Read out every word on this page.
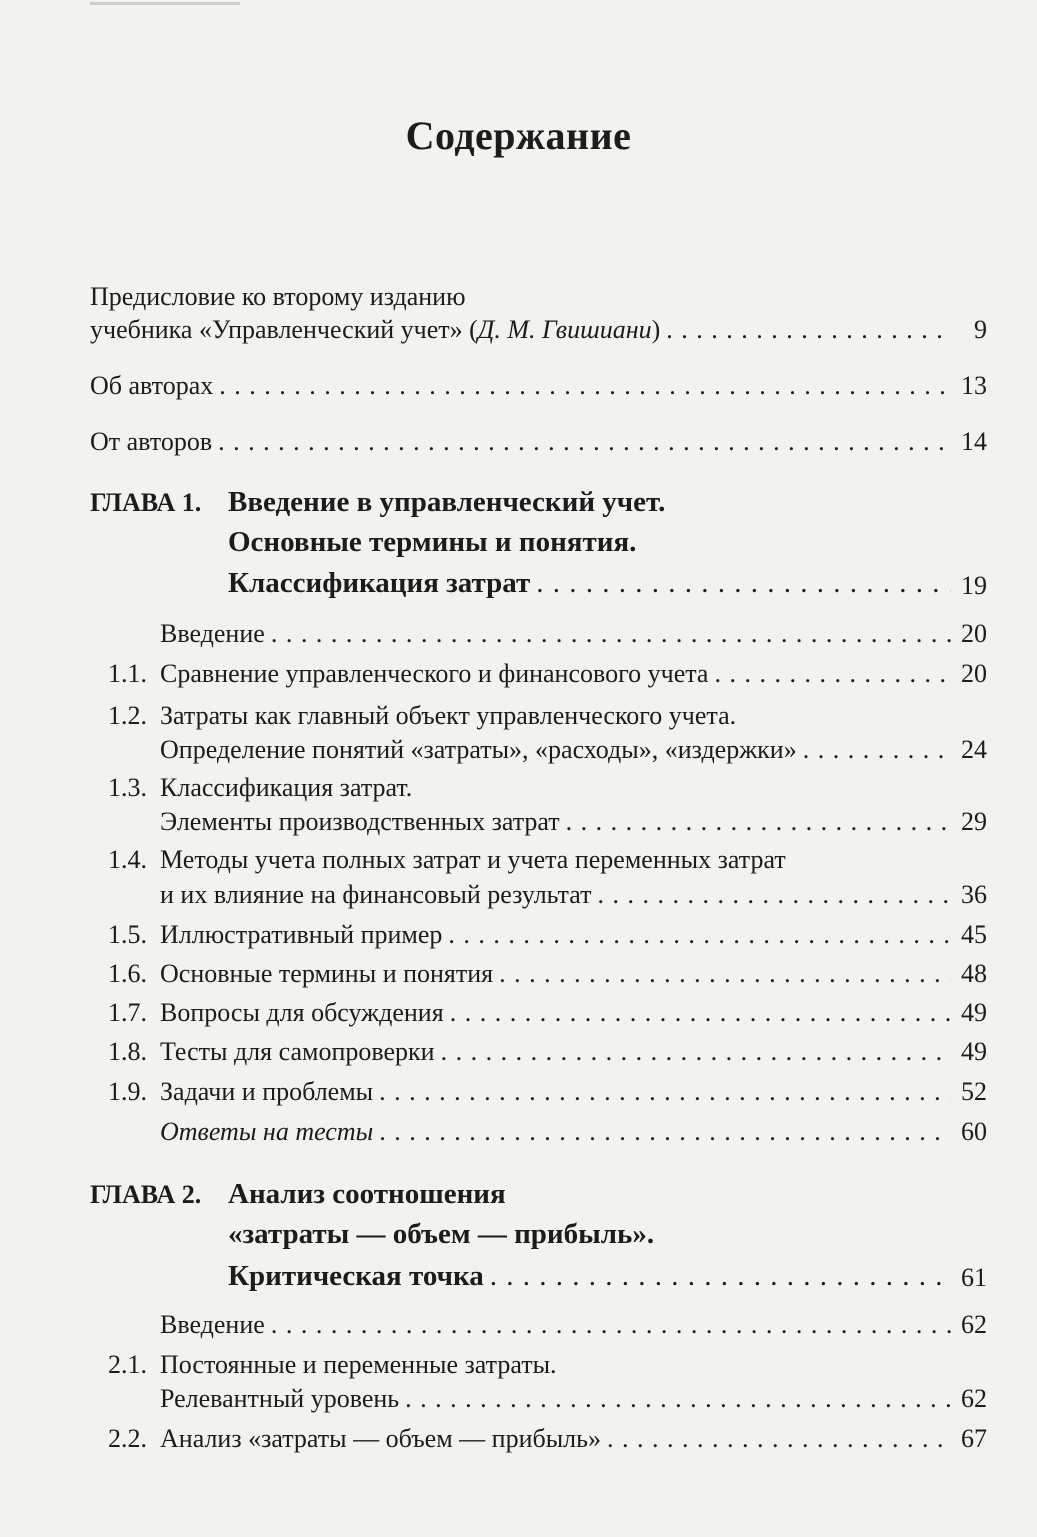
Содержание
Предисловие ко второму изданию
учебника «Управленческий учет» (Д. М. Гвишиани) . . .	9
Об авторах . . .	13
От авторов . . .	14
ГЛАВА 1. Введение в управленческий учет.
Основные термины и понятия.
Классификация затрат . . .	19
Введение . . .	20
1.1. Сравнение управленческого и финансового учета . . .	20
1.2. Затраты как главный объект управленческого учета.
Определение понятий «затраты», «расходы», «издержки» . . .	24
1.3. Классификация затрат.
Элементы производственных затрат . . .	29
1.4. Методы учета полных затрат и учета переменных затрат
и их влияние на финансовый результат . . .	36
1.5. Иллюстративный пример . . .	45
1.6. Основные термины и понятия . . .	48
1.7. Вопросы для обсуждения . . .	49
1.8. Тесты для самопроверки . . .	49
1.9. Задачи и проблемы . . .	52
Ответы на тесты . . .	60
ГЛАВА 2. Анализ соотношения
«затраты — объем — прибыль».
Критическая точка . . .	61
Введение . . .	62
2.1. Постоянные и переменные затраты.
Релевантный уровень . . .	62
2.2. Анализ «затраты — объем — прибыль» . . .	67
